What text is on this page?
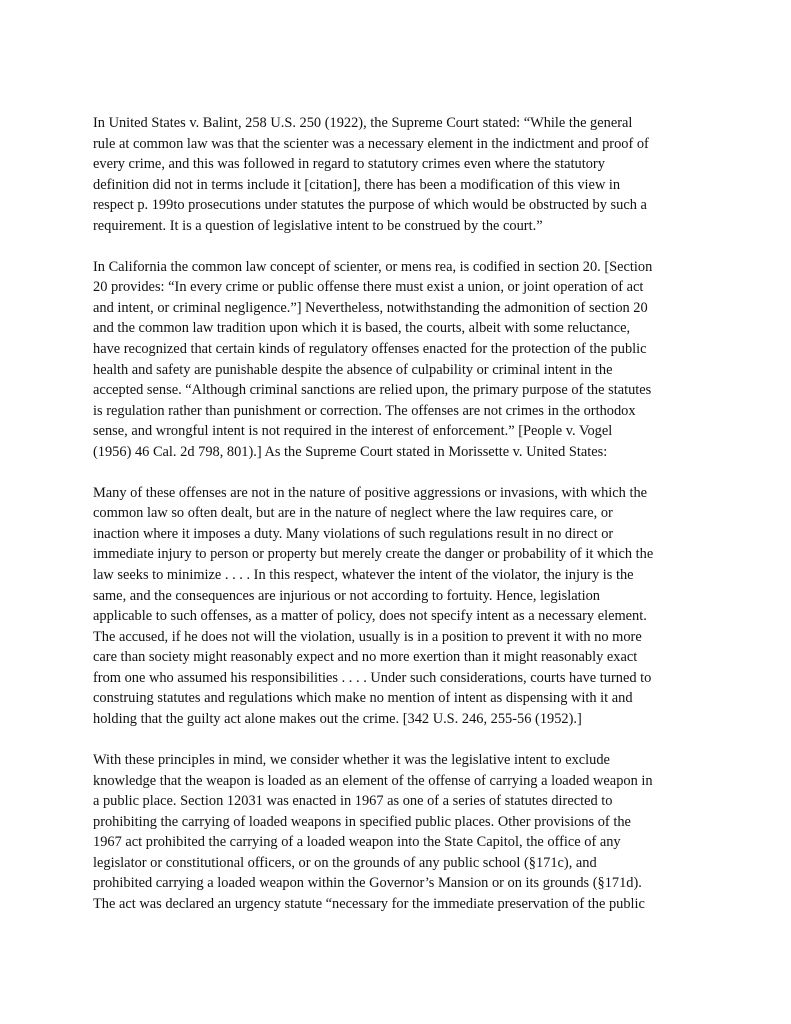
In United States v. Balint, 258 U.S. 250 (1922), the Supreme Court stated: “While the general
rule at common law was that the scienter was a necessary element in the indictment and proof of
every crime, and this was followed in regard to statutory crimes even where the statutory
definition did not in terms include it [citation], there has been a modification of this view in
respect p. 199to prosecutions under statutes the purpose of which would be obstructed by such a
requirement. It is a question of legislative intent to be construed by the court.”

In California the common law concept of scienter, or mens rea, is codified in section 20. [Section
20 provides: “In every crime or public offense there must exist a union, or joint operation of act
and intent, or criminal negligence.”] Nevertheless, notwithstanding the admonition of section 20
and the common law tradition upon which it is based, the courts, albeit with some reluctance,
have recognized that certain kinds of regulatory offenses enacted for the protection of the public
health and safety are punishable despite the absence of culpability or criminal intent in the
accepted sense. “Although criminal sanctions are relied upon, the primary purpose of the statutes
is regulation rather than punishment or correction. The offenses are not crimes in the orthodox
sense, and wrongful intent is not required in the interest of enforcement.” [People v. Vogel
(1956) 46 Cal. 2d 798, 801).] As the Supreme Court stated in Morissette v. United States:

Many of these offenses are not in the nature of positive aggressions or invasions, with which the
common law so often dealt, but are in the nature of neglect where the law requires care, or
inaction where it imposes a duty. Many violations of such regulations result in no direct or
immediate injury to person or property but merely create the danger or probability of it which the
law seeks to minimize . . . . In this respect, whatever the intent of the violator, the injury is the
same, and the consequences are injurious or not according to fortuity. Hence, legislation
applicable to such offenses, as a matter of policy, does not specify intent as a necessary element.
The accused, if he does not will the violation, usually is in a position to prevent it with no more
care than society might reasonably expect and no more exertion than it might reasonably exact
from one who assumed his responsibilities . . . . Under such considerations, courts have turned to
construing statutes and regulations which make no mention of intent as dispensing with it and
holding that the guilty act alone makes out the crime. [342 U.S. 246, 255-56 (1952).]

With these principles in mind, we consider whether it was the legislative intent to exclude
knowledge that the weapon is loaded as an element of the offense of carrying a loaded weapon in
a public place. Section 12031 was enacted in 1967 as one of a series of statutes directed to
prohibiting the carrying of loaded weapons in specified public places. Other provisions of the
1967 act prohibited the carrying of a loaded weapon into the State Capitol, the office of any
legislator or constitutional officers, or on the grounds of any public school (§171c), and
prohibited carrying a loaded weapon within the Governor’s Mansion or on its grounds (§171d).
The act was declared an urgency statute “necessary for the immediate preservation of the public
